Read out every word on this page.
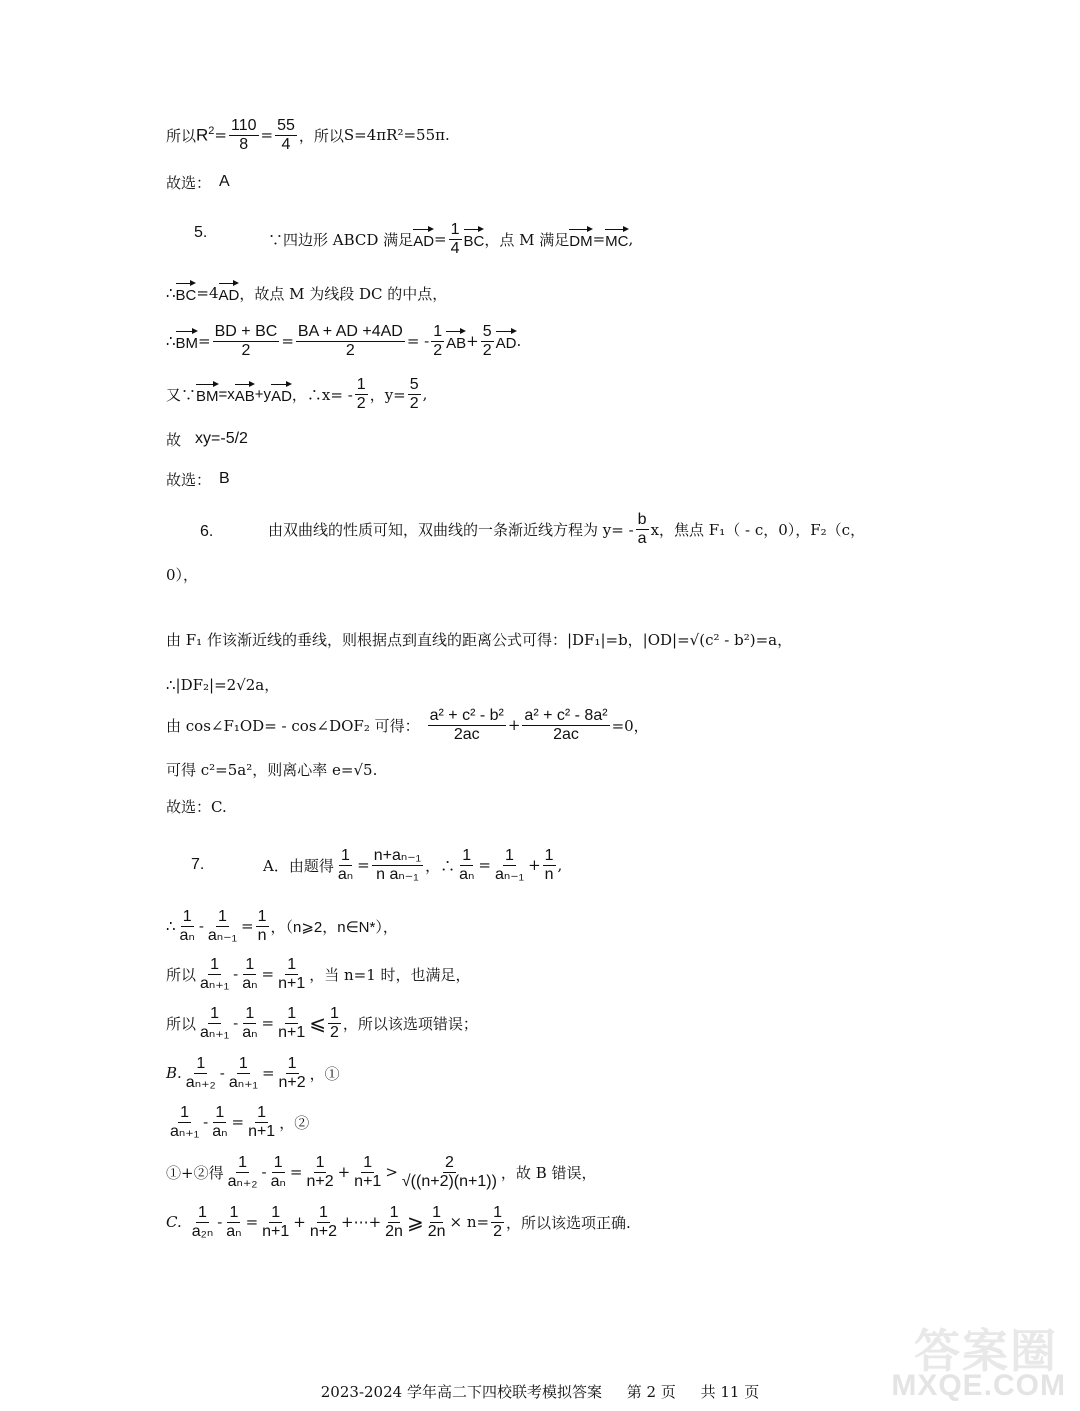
所以 $R^2 = \frac{110}{8} = \frac{55}{4}$ ，所以 S=4πR²=55π.
故选： A
5.	∵四边形 ABCD 满足 AD = $\frac{1}{4}$ BC ，点 M 满足 DM = MC ,
∴ BC =4 AD ，故点 M 为线段 DC 的中点，
∴ BM = $\frac{BD + BC}{2} = \frac{BA + AD +4AD}{2}$ = - $\frac{1}{2}$ AB + $\frac{5}{2}$ AD .
又∵ BM =x AB +y AD ，∴x= - $\frac{1}{2}$ ，$y= \frac{5}{2}$ ,
故 xy=-5/2
故选： B
6.	由双曲线的性质可知，双曲线的一条渐近线方程为 $y= - \frac{b}{a}$ x，焦点 F₁（ - c，0），F₂（c，
0），
由 F₁ 作该渐近线的垂线，则根据点到直线的距离公式可得：|DF₁|=b，|OD|=√(c² - b²)=a，
∴|DF₂|=2√2a，
由 cos∠F₁OD= - cos∠DOF₂ 可得： $\frac{\text{a² + c² - b²}}{2ac} + \frac{\text{a² + c² - 8a²}}{2ac} =0$，
可得 c²=5a²，则离心率 e=√5.
故选：C.
7.	A．由题得 $\frac{1}{\text{aₙ}} = \frac{\text{n+aₙ₋₁}}{\text{n aₙ₋₁}}$ ，∴ $\frac{1}{\text{aₙ}} = \frac{1}{\text{aₙ₋₁}} + \frac{1}{n}$ ,
∴ $\frac{1}{\text{aₙ}} - \frac{1}{\text{aₙ₋₁}} = \frac{1}{n}$ ，（n⩾2，n∈N*），
所以 $\frac{1}{\text{aₙ₊₁}} - \frac{1}{\text{aₙ}} = \frac{1}{n+1}$ ，当 n=1 时，也满足，
所以 $\frac{1}{\text{aₙ₊₁}} - \frac{1}{\text{aₙ}} = \frac{1}{n+1}$ ⩽ $\frac{1}{2}$ ，所以该选项错误；
B. $\frac{1}{\text{aₙ₊₂}} - \frac{1}{\text{aₙ₊₁}} = \frac{1}{n+2}$ ，①
$\frac{1}{\text{aₙ₊₁}} - \frac{1}{\text{aₙ}} = \frac{1}{n+1}$ ，②
①+②得 $\frac{1}{\text{aₙ₊₂}} - \frac{1}{\text{aₙ}} = \frac{1}{n+2} + \frac{1}{n+1} > \frac{2}{√((n+2)(n+1))}$ ，故 B 错误，
C. $\frac{1}{\text{a₂ₙ}} - \frac{1}{\text{aₙ}} = \frac{1}{n+1} + \frac{1}{n+2}$ +⋯+ $\frac{1}{2n}$ ⩾ $\frac{1}{2n} \times n= \frac{1}{2}$ ，所以该选项正确.
答案圈
MXQE.COM
2023-2024 学年高二下四校联考模拟答案 第 2 页 共 11 页
